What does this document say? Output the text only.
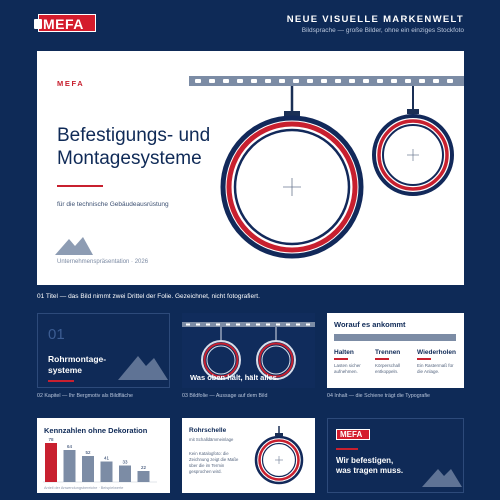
MEFA	NEUE VISUELLE MARKENWELT
Bildsprache — große Bilder, ohne ein einziges Stockfoto
MEFA
Befestigungs- und
Montagesysteme
für die technische Gebäudeausrüstung
Unternehmenspräsentation · 2026
01 Titel — das Bild nimmt zwei Drittel der Folie. Gezeichnet, nicht fotografiert.
01
Rohrmontage-
systeme
02 Kapitel — Ihr Bergmotiv als Bildfläche
Was oben hält, hält alles.
03 Bildfolie — Aussage auf dem Bild
Worauf es ankommt
Halten
Lasten sicher
aufnehmen.
Trennen
Körperschall
entkoppeln.
Wiederholen
Ein Rastermaß für
die Anlage.
04 Inhalt — die Schiene trägt die Typografie
Kennzahlen ohne Dekoration
78
64
52
41
33
22
Anteil der Anwendungsbereiche · Beispielwerte
Rohrschelle
mit Schalldämmeinlage
Kein Katalogfoto: die
Zeichnung zeigt die Maße
über die im Termin
gesprochen wird.
MEFA
Wir befestigen,
was tragen muss.
